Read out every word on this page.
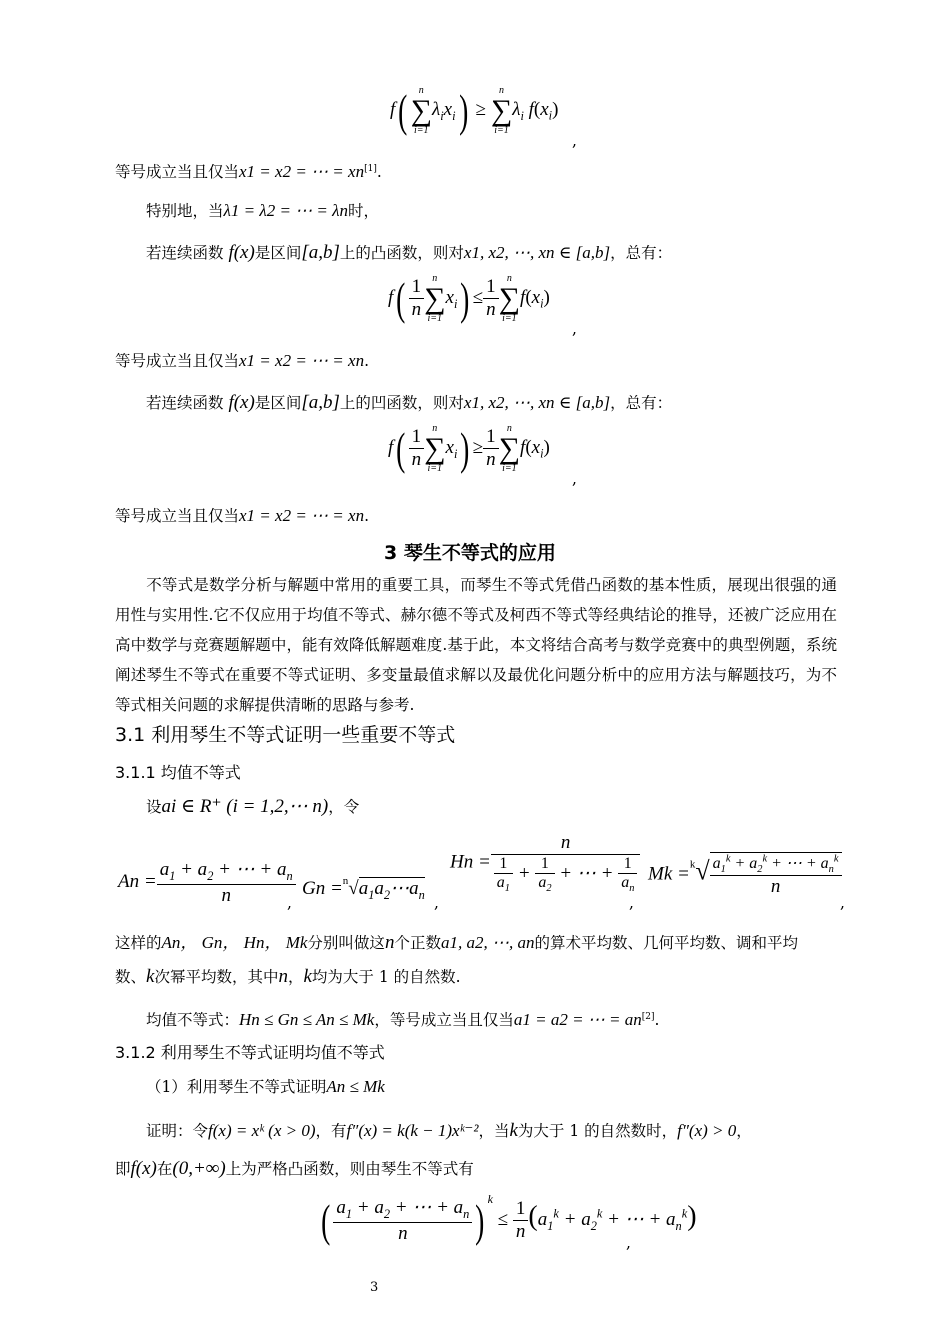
f(	n
∑
i=1
$\lambda_ix_i$) ≥
n
∑
i=1
$\lambda_i$ $f(x_i)$
,
等号成立当且仅当x1 = x2 = ⋯ = xn[1].
特别地，当λ1 = λ2 = ⋯ = λn时，
若连续函数 f(x)是区间[a,b]上的凸函数，则对x1, x2, ⋯, xn ∈ [a,b]，总有：
$f( \frac{1}{n}$ n
∑
i=1
$x_i) \le \frac{1}{n}$ n
∑
i=1
$f(x_i)$
,
等号成立当且仅当x1 = x2 = ⋯ = xn.
若连续函数 f(x)是区间[a,b]上的凹函数，则对x1, x2, ⋯, xn ∈ [a,b]，总有：
$f( \frac{1}{n}$ n
∑
i=1
$x_i) \ge \frac{1}{n}$ n
∑
i=1
$f(x_i)$
,
等号成立当且仅当x1 = x2 = ⋯ = xn.
3 琴生不等式的应用
不等式是数学分析与解题中常用的重要工具，而琴生不等式凭借凸函数的基本性质，展现出很强的通用性与实用性.它不仅应用于均值不等式、赫尔德不等式及柯西不等式等经典结论的推导，还被广泛应用在高中数学与竞赛题解题中，能有效降低解题难度.基于此，本文将结合高考与数学竞赛中的典型例题，系统阐述琴生不等式在重要不等式证明、多变量最值求解以及最优化问题分析中的应用方法与解题技巧，为不等式相关问题的求解提供清晰的思路与参考.
3.1 利用琴生不等式证明一些重要不等式
3.1.1 均值不等式
设ai ∈ R⁺ (i = 1,2,⋯ n)，令
$An = \frac{a_1 + a_2 + \cdots + a_n}{n}$
,
$Gn =^n√a_1a_2\cdots a_n$ ,
$Hn = \frac{n}{\frac{1}{a_1} + \frac{1}{a_2} + \cdots + \frac{1}{a_n}}$
,
$Mk =^k√ \frac{a_1^k + a_2^k + \cdots + a_n^k}{n}$
,
这样的An， Gn， Hn， Mk分别叫做这n个正数a1, a2, ⋯, an的算术平均数、几何平均数、调和平均
数、k次幂平均数，其中n，k均为大于 1 的自然数.
均值不等式：Hn ≤ Gn ≤ An ≤ Mk，等号成立当且仅当a1 = a2 = ⋯ = an[2].
3.1.2 利用琴生不等式证明均值不等式
（1）利用琴生不等式证明An ≤ Mk
证明：令f(x) = xᵏ (x > 0)，有f″(x) = k(k − 1)xᵏ⁻²，当k为大于 1 的自然数时，f″(x) > 0，
即f(x)在(0,+∞)上为严格凸函数，则由琴生不等式有
( $\frac{a_1 + a_2 + \cdots + a_n}{n}$ ) $^k \le \frac{1}{n} (a_1^k + a_2^k$ + ⋯ + $a_n^k$)
,
3
